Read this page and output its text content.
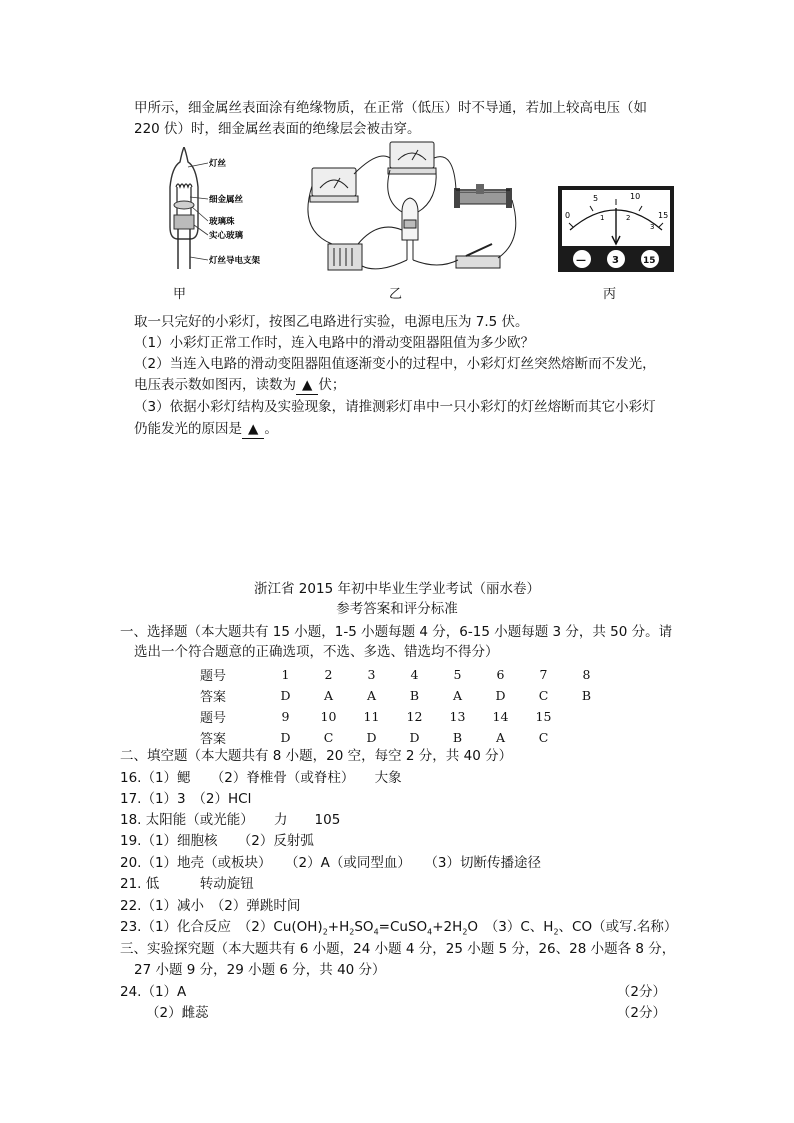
甲所示，细金属丝表面涂有绝缘物质，在正常（低压）时不导通，若加上较高电压（如
220 伏）时，细金属丝表面的绝缘层会被击穿。
灯丝
细金属丝
玻璃珠
实心玻璃
灯丝导电支架
甲	乙
0
5	10
15
1	2
3
—	3	15
丙
取一只完好的小彩灯，按图乙电路进行实验，电源电压为 7.5 伏。
（1）小彩灯正常工作时，连入电路中的滑动变阻器阻值为多少欧？
（2）当连入电路的滑动变阻器阻值逐渐变小的过程中，小彩灯灯丝突然熔断而不发光，
电压表示数如图丙，读数为 ▲ 伏；
（3）依据小彩灯结构及实验现象，请推测彩灯串中一只小彩灯的灯丝熔断而其它小彩灯
仍能发光的原因是 ▲ 。
浙江省 2015 年初中毕业生学业考试（丽水卷）
参考答案和评分标准
一、选择题（本大题共有 15 小题，1-5 小题每题 4 分，6-15 小题每题 3 分，共 50 分。请
选出一个符合题意的正确选项，不选、多选、错选均不得分）
题号	1	2	3	4	5	6	7	8
答案	D	A	A	B	A	D	C	B
题号	9	10	11	12	13	14	15	
答案	D	C	D	D	B	A	C	
二、填空题（本大题共有 8 小题，20 空，每空 2 分，共 40 分）
16.（1）鳃　　（2）脊椎骨（或脊柱）　　大象
17.（1）3　（2）HCl
18. 太阳能（或光能）　　力　　105
19.（1）细胞核　　（2）反射弧
20.（1）地壳（或板块）　　（2）A（或同型血）　　（3）切断传播途径
21. 低　　　转动旋钮
22.（1）减小　（2）弹跳时间
23.（1）化合反应　$(2)Cu(OH)_2+H_2SO_4=CuSO_4+2H_2O$　（3）C、$H_2$、CO（或写.名称）
三、实验探究题（本大题共有 6 小题，24 小题 4 分，25 小题 5 分，26、28 小题各 8 分，
27 小题 9 分，29 小题 6 分，共 40 分）
24.（1）A	（2分）
（2）雌蕊	（2分）
